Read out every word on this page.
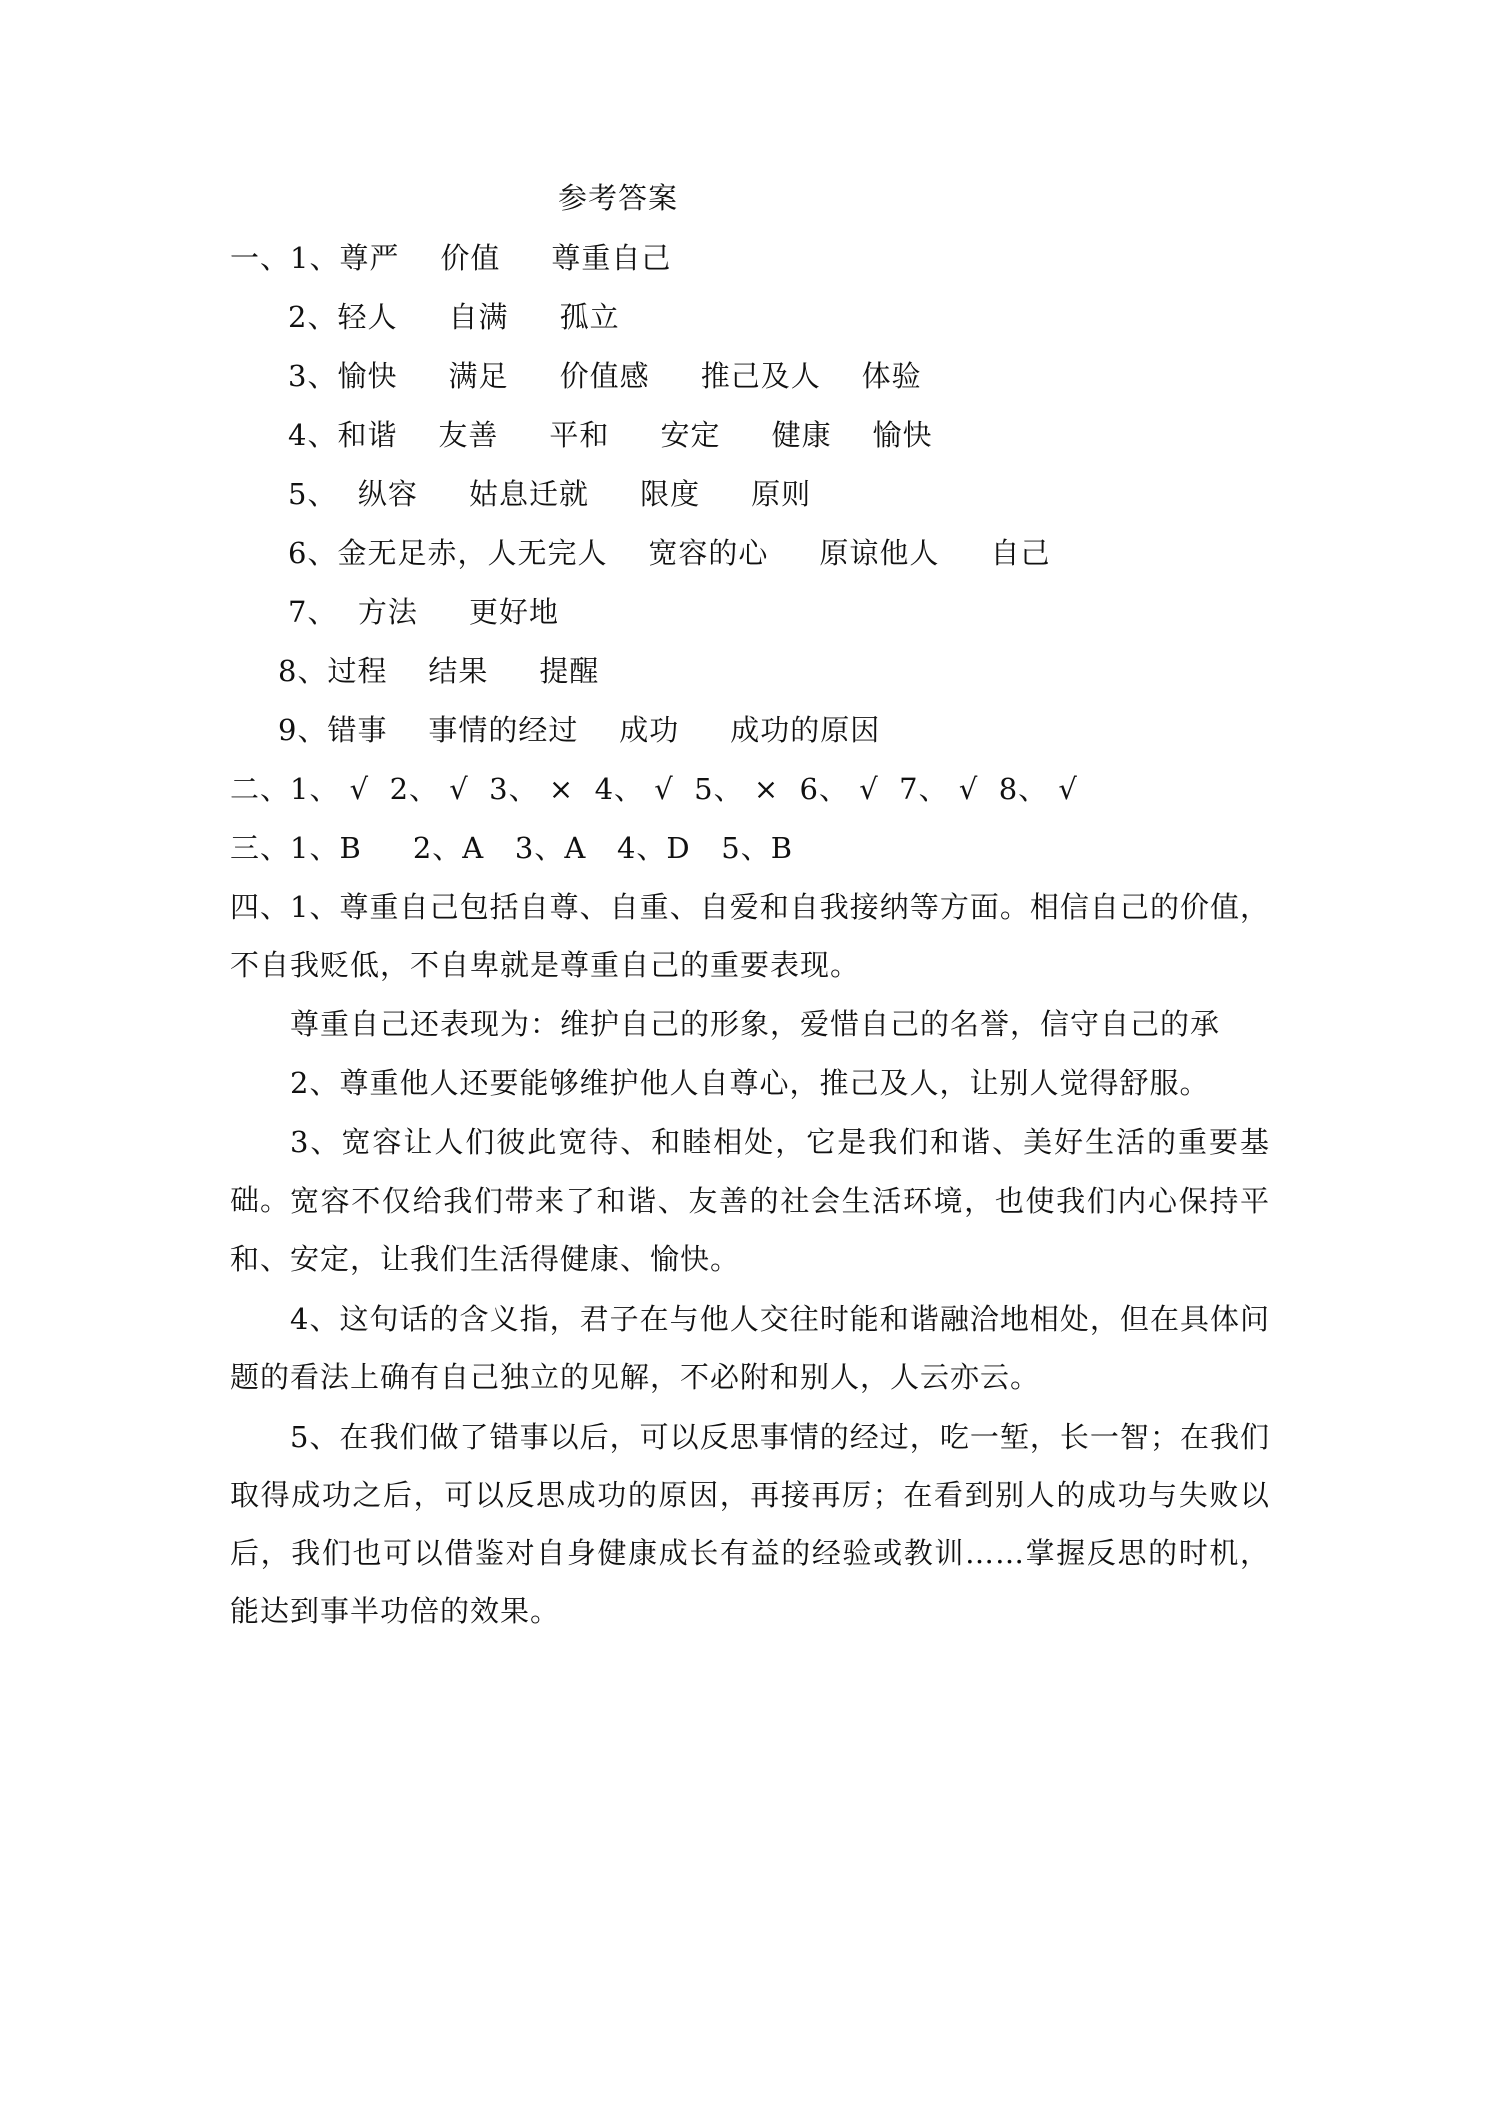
参考答案
一、1、尊严    价值     尊重自己
2、轻人     自满     孤立
3、愉快     满足     价值感     推己及人    体验
4、和谐    友善     平和     安定     健康    愉快
5、  纵容     姑息迁就     限度     原则
6、金无足赤，人无完人    宽容的心     原谅他人     自己
7、  方法     更好地
8、过程    结果     提醒
9、错事    事情的经过    成功     成功的原因
二、1、 √  2、 √  3、 ×  4、 √  5、 ×  6、 √  7、 √  8、 √
三、1、B     2、A   3、A   4、D   5、B
四、1、尊重自己包括自尊、自重、自爱和自我接纳等方面。相信自己的价值，不自我贬低，不自卑就是尊重自己的重要表现。
尊重自己还表现为：维护自己的形象，爱惜自己的名誉，信守自己的承
2、尊重他人还要能够维护他人自尊心，推己及人，让别人觉得舒服。
3、宽容让人们彼此宽待、和睦相处，它是我们和谐、美好生活的重要基础。 宽容不仅给我们带来了和谐、友善的社会生活环境，也使我们内心保持平和、安定，让我们生活得健康、愉快。
4、这句话的含义指，君子在与他人交往时能和谐融洽地相处，但在具体问题的看法上确有自己独立的见解，不必附和别人，人云亦云。
5、在我们做了错事以后，可以反思事情的经过，吃一堑，长一智；在我们取得成功之后，可以反思成功的原因，再接再厉；在看到别人的成功与失败以后，我们也可以借鉴对自身健康成长有益的经验或教训……掌握反思的时机，能达到事半功倍的效果。
